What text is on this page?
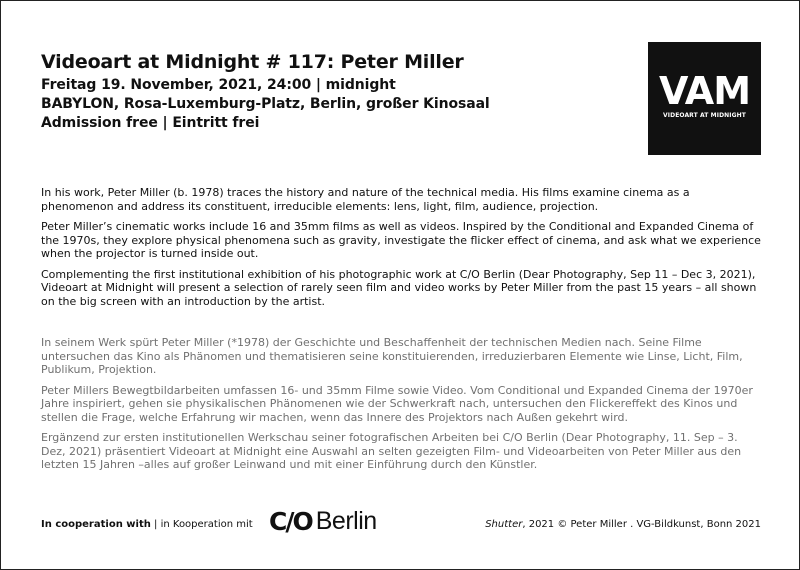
Videoart at Midnight # 117: Peter Miller

Freitag 19. November, 2021, 24:00 | midnight

BABYLON, Rosa-Luxemburg-Platz, Berlin, großer Kinosaal

Admission free | Eintritt frei

VAM
VIDEOART AT MIDNIGHT

In his work, Peter Miller (b. 1978) traces the history and nature of the technical media. His films examine cinema as a phenomenon and address its constituent, irreducible elements: lens, light, film, audience, projection.

Peter Miller’s cinematic works include 16 and 35mm films as well as videos. Inspired by the Conditional and Expanded Cinema of the 1970s, they explore physical phenomena such as gravity, investigate the flicker effect of cinema, and ask what we experience when the projector is turned inside out.

Complementing the first institutional exhibition of his photographic work at C/O Berlin (Dear Photography, Sep 11 – Dec 3, 2021), Videoart at Midnight will present a selection of rarely seen film and video works by Peter Miller from the past 15 years – all shown on the big screen with an introduction by the artist.

In seinem Werk spürt Peter Miller (*1978) der Geschichte und Beschaffenheit der technischen Medien nach. Seine Filme untersuchen das Kino als Phänomen und thematisieren seine konstituierenden, irreduzierbaren Elemente wie Linse, Licht, Film, Publikum, Projektion.

Peter Millers Bewegtbildarbeiten umfassen 16- und 35mm Filme sowie Video. Vom Conditional und Expanded Cinema der 1970er Jahre inspiriert, gehen sie physikalischen Phänomenen wie der Schwerkraft nach, untersuchen den Flickereffekt des Kinos und stellen die Frage, welche Erfahrung wir machen, wenn das Innere des Projektors nach Außen gekehrt wird.

Ergänzend zur ersten institutionellen Werkschau seiner fotografischen Arbeiten bei C/O Berlin (Dear Photography, 11. Sep – 3. Dez, 2021) präsentiert Videoart at Midnight eine Auswahl an selten gezeigten Film- und Videoarbeiten von Peter Miller aus den letzten 15 Jahren –alles auf großer Leinwand und mit einer Einführung durch den Künstler.

In cooperation with | in Kooperation mit C/O Berlin	Shutter, 2021 © Peter Miller . VG-Bildkunst, Bonn 2021
